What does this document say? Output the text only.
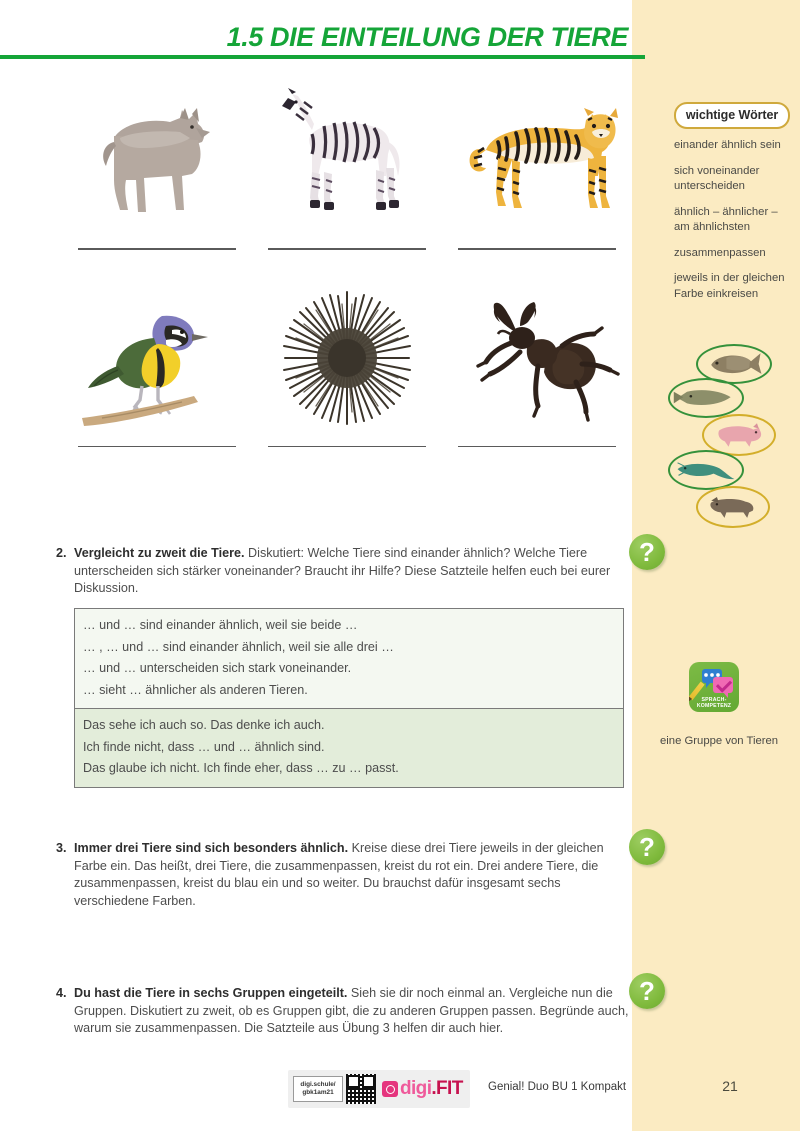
wichtige Wörter
einander ähnlich sein
sich voneinander unterscheiden
ähnlich – ähnlicher – am ähnlichsten
zusammenpassen
jeweils in der gleichen Farbe einkreisen
SPRACH-
KOMPETENZ
eine Gruppe von Tieren
21
1.5 DIE EINTEILUNG DER TIERE
2. Vergleicht zu zweit die Tiere. Diskutiert: Welche Tiere sind einander ähnlich? Welche Tiere unterscheiden sich stärker voneinander? Braucht ihr Hilfe? Diese Satzteile helfen euch bei eurer Diskussion.
… und … sind einander ähnlich, weil sie beide …
… , … und … sind einander ähnlich, weil sie alle drei …
… und … unterscheiden sich stark voneinander.
… sieht … ähnlicher als anderen Tieren.
Das sehe ich auch so. Das denke ich auch.
Ich finde nicht, dass … und … ähnlich sind.
Das glaube ich nicht. Ich finde eher, dass … zu … passt.
3. Immer drei Tiere sind sich besonders ähnlich. Kreise diese drei Tiere jeweils in der gleichen Farbe ein. Das heißt, drei Tiere, die zusammenpassen, kreist du rot ein. Drei andere Tiere, die zusammenpassen, kreist du blau ein und so weiter. Du brauchst dafür insgesamt sechs verschiedene Farben.
4. Du hast die Tiere in sechs Gruppen eingeteilt. Sieh sie dir noch einmal an. Vergleiche nun die Gruppen. Diskutiert zu zweit, ob es Gruppen gibt, die zu anderen Gruppen passen. Begründe auch, warum sie zusammenpassen. Die Satzteile aus Übung 3 helfen dir auch hier.
?
?
?
digi.schule/
gbk1am21	digi .FIT Genial! Duo BU 1 Kompakt
